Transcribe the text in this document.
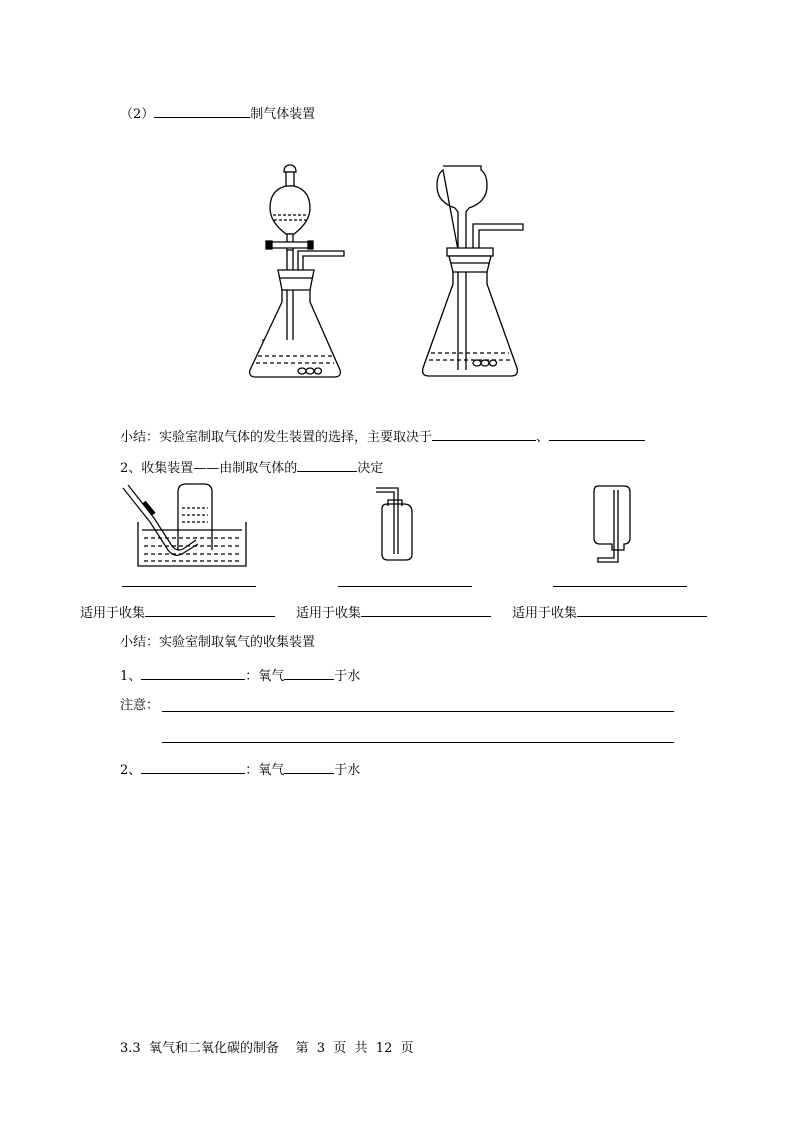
（2）	制气体装置
小结：实验室制取气体的发生装置的选择，主要取决于	、
2、收集装置——由制取气体的	决定
适用于收集	适用于收集	适用于收集
小结：实验室制取氧气的收集装置
1、	：氧气	于水
注意：
2、	：氧气	于水
3.3  氧气和二氧化碳的制备    第  3  页  共  12  页
